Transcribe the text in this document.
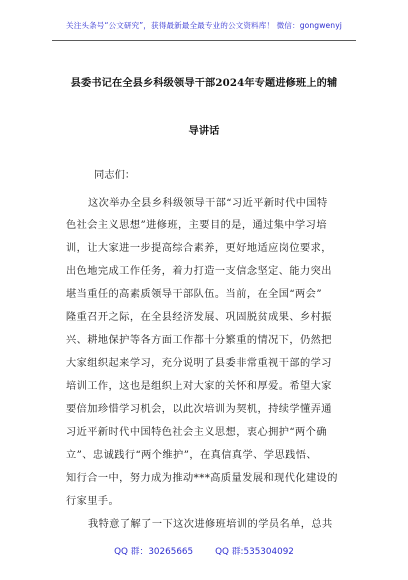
关注头条号“公文研究”，获得最新最全最专业的公文资料库！ 微信：gongwenyj
县委书记在全县乡科级领导干部2024年专题进修班上的辅
导讲话
同志们：
这次举办全县乡科级领导干部“习近平新时代中国特
色社会主义思想”进修班，主要目的是，通过集中学习培
训，让大家进一步提高综合素养，更好地适应岗位要求，
出色地完成工作任务，着力打造一支信念坚定、能力突出
堪当重任的高素质领导干部队伍。当前，在全国“两会”
隆重召开之际，在全县经济发展、巩固脱贫成果、乡村振
兴、耕地保护等各方面工作都十分繁重的情况下，仍然把
大家组织起来学习，充分说明了县委非常重视干部的学习
培训工作，这也是组织上对大家的关怀和厚爱。希望大家
要倍加珍惜学习机会，以此次培训为契机，持续学懂弄通
习近平新时代中国特色社会主义思想，衷心拥护“两个确
立”、忠诚践行“两个维护”，在真信真学、学思践悟、
知行合一中，努力成为推动***高质量发展和现代化建设的
行家里手。
我特意了解了一下这次进修班培训的学员名单，总共
QQ 群：30265665	QQ 群:535304092
